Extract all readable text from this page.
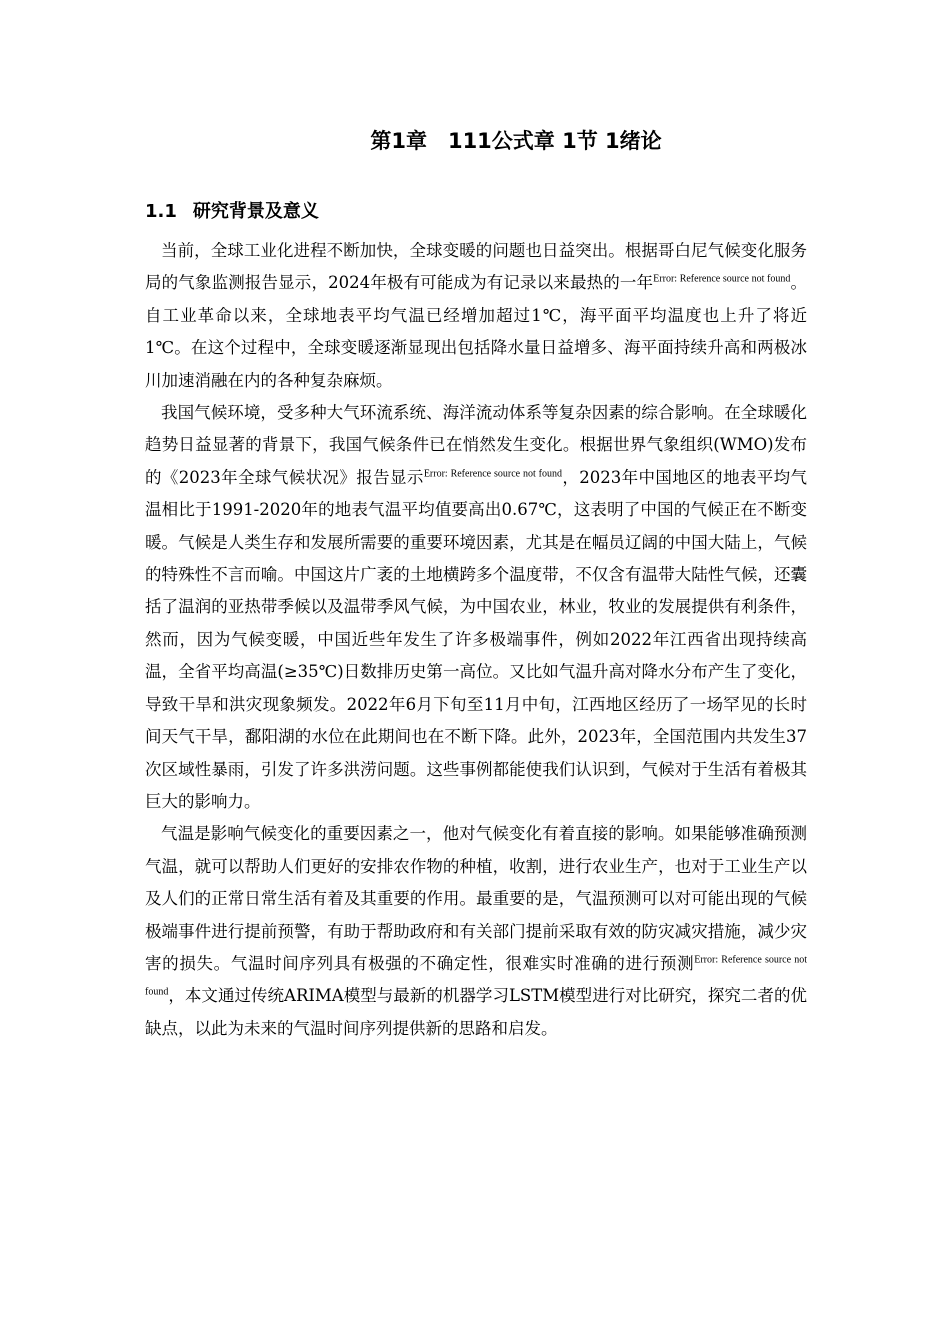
第1章　111公式章 1节 1绪论
1.1 研究背景及意义

当前，全球工业化进程不断加快，全球变暖的问题也日益突出。根据哥白尼气候变化服务局的气象监测报告显示，2024年极有可能成为有记录以来最热的一年$^{Error: Reference source not found}$。自工业革命以来，全球地表平均气温已经增加超过1℃，海平面平均温度也上升了将近1℃。在这个过程中，全球变暖逐渐显现出包括降水量日益增多、海平面持续升高和两极冰川加速消融在内的各种复杂麻烦。

我国气候环境，受多种大气环流系统、海洋流动体系等复杂因素的综合影响。在全球暖化趋势日益显著的背景下，我国气候条件已在悄然发生变化。根据世界气象组织(WMO)发布的《2023年全球气候状况》报告显示$^{Error: Reference source not found}$，2023年中国地区的地表平均气温相比于1991-2020年的地表气温平均值要高出0.67℃，这表明了中国的气候正在不断变暖。气候是人类生存和发展所需要的重要环境因素，尤其是在幅员辽阔的中国大陆上，气候的特殊性不言而喻。中国这片广袤的土地横跨多个温度带，不仅含有温带大陆性气候，还囊括了温润的亚热带季候以及温带季风气候，为中国农业，林业，牧业的发展提供有利条件，然而，因为气候变暖，中国近些年发生了许多极端事件，例如2022年江西省出现持续高温，全省平均高温(≥35℃)日数排历史第一高位。又比如气温升高对降水分布产生了变化，导致干旱和洪灾现象频发。2022年6月下旬至11月中旬，江西地区经历了一场罕见的长时间天气干旱，鄱阳湖的水位在此期间也在不断下降。此外，2023年，全国范围内共发生37次区域性暴雨，引发了许多洪涝问题。这些事例都能使我们认识到，气候对于生活有着极其巨大的影响力。

气温是影响气候变化的重要因素之一，他对气候变化有着直接的影响。如果能够准确预测气温，就可以帮助人们更好的安排农作物的种植，收割，进行农业生产，也对于工业生产以及人们的正常日常生活有着及其重要的作用。最重要的是，气温预测可以对可能出现的气候极端事件进行提前预警，有助于帮助政府和有关部门提前采取有效的防灾减灾措施，减少灾害的损失。气温时间序列具有极强的不确定性，很难实时准确的进行预测$^{Error: Reference source not found}$，本文通过传统ARIMA模型与最新的机器学习LSTM模型进行对比研究，探究二者的优缺点，以此为未来的气温时间序列提供新的思路和启发。
